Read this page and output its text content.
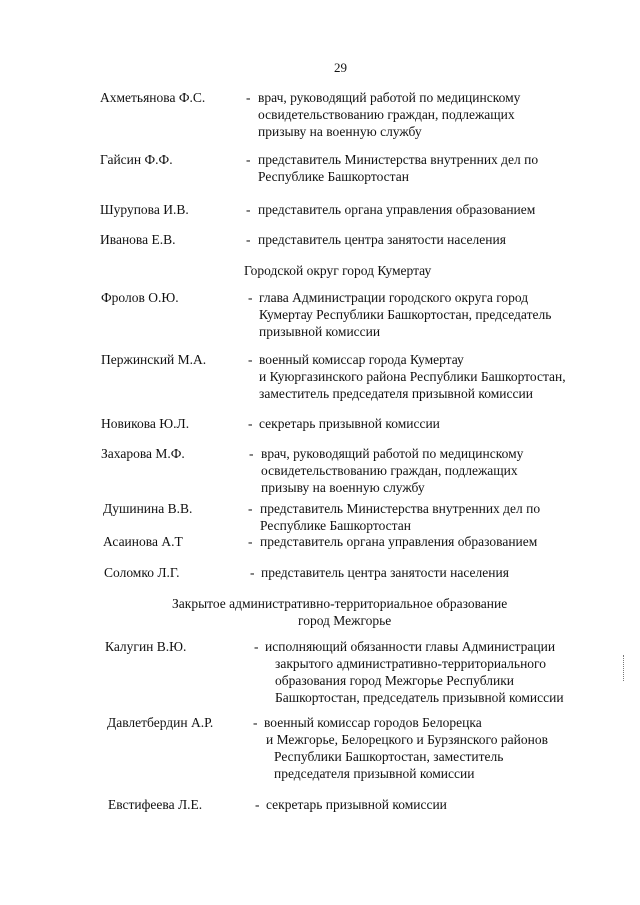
29
Ахметьянова Ф.С.	- врач, руководящий работой по медицинскому
освидетельствованию граждан, подлежащих
призыву на военную службу
Гайсин Ф.Ф.	- представитель Министерства внутренних дел по
Республике Башкортостан
Шурупова И.В.	- представитель органа управления образованием
Иванова Е.В.	- представитель центра занятости населения
Городской округ город Кумертау
Фролов О.Ю.	- глава Администрации городского округа город
Кумертау Республики Башкортостан, председатель
призывной комиссии
Пержинский М.А.	- военный комиссар города Кумертау
и Куюргазинского района Республики Башкортостан,
заместитель председателя призывной комиссии
Новикова Ю.Л.	- секретарь призывной комиссии
Захарова М.Ф.	- врач, руководящий работой по медицинскому
освидетельствованию граждан, подлежащих
призыву на военную службу
Душинина В.В.	- представитель Министерства внутренних дел по
Республике Башкортостан
Асаинова А.Т	- представитель органа управления образованием
Соломко Л.Г.	- представитель центра занятости населения
Закрытое административно-территориальное образование
город Межгорье
Калугин В.Ю.	- исполняющий обязанности главы Администрации
закрытого административно-территориального
образования город Межгорье Республики
Башкортостан, председатель призывной комиссии
Давлетбердин А.Р.	- военный комиссар городов Белорецка
и Межгорье, Белорецкого и Бурзянского районов
Республики Башкортостан, заместитель
председателя призывной комиссии
Евстифеева Л.Е.	- секретарь призывной комиссии
